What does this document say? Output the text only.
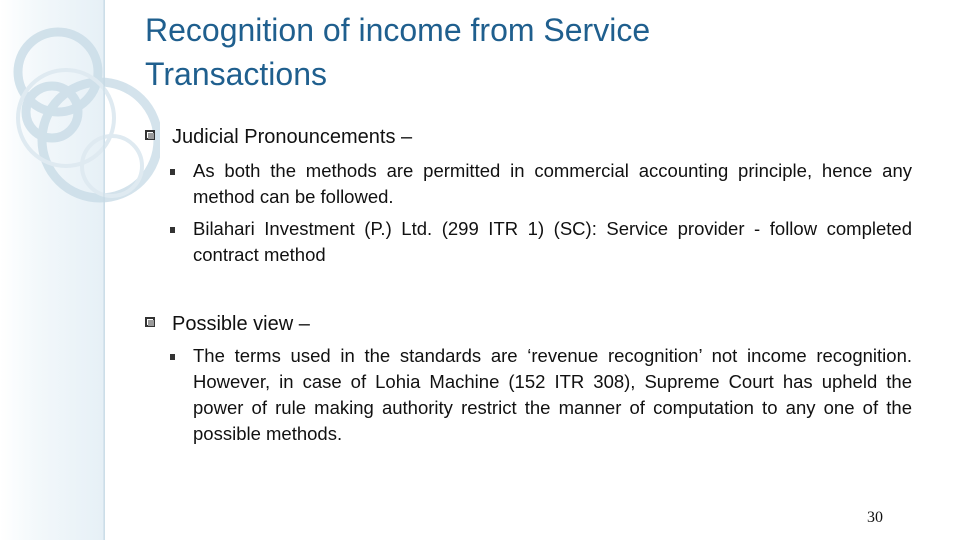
Recognition of income from Service
Transactions
Judicial Pronouncements –
As both the methods are permitted in commercial accounting principle, hence any method can be followed.
Bilahari Investment (P.) Ltd. (299 ITR 1) (SC): Service provider - follow completed contract method
Possible view –
The terms used in the standards are ‘revenue recognition’ not income recognition. However, in case of Lohia Machine (152 ITR 308), Supreme Court has upheld the power of rule making authority restrict the manner of computation to any one of the possible methods.
30
